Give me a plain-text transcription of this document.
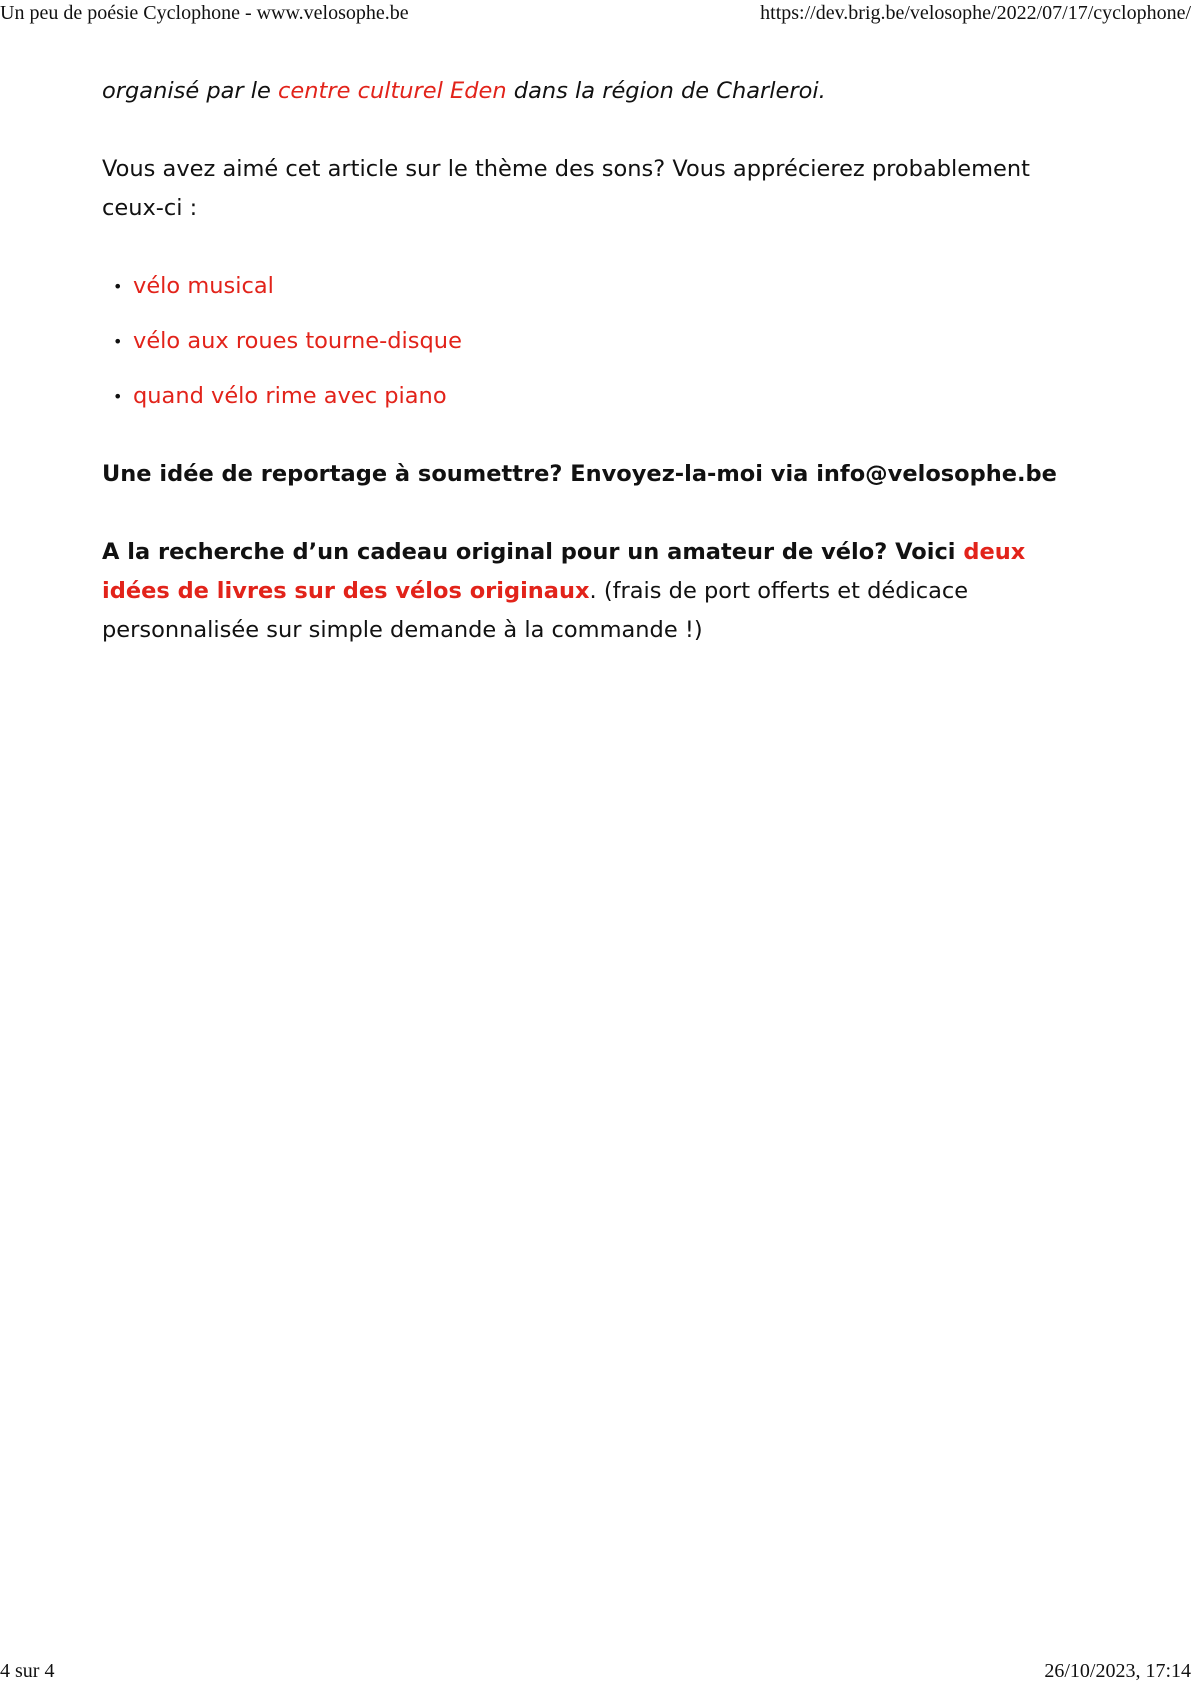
Un peu de poésie Cyclophone - www.velosophe.be	https://dev.brig.be/velosophe/2022/07/17/cyclophone/

organisé par le centre culturel Eden dans la région de Charleroi.

Vous avez aimé cet article sur le thème des sons? Vous apprécierez probablement ceux-ci :

• vélo musical
• vélo aux roues tourne-disque
• quand vélo rime avec piano

Une idée de reportage à soumettre? Envoyez-la-moi via info@velosophe.be

A la recherche d’un cadeau original pour un amateur de vélo? Voici deux idées de livres sur des vélos originaux. (frais de port offerts et dédicace personnalisée sur simple demande à la commande !)

4 sur 4	26/10/2023, 17:14
